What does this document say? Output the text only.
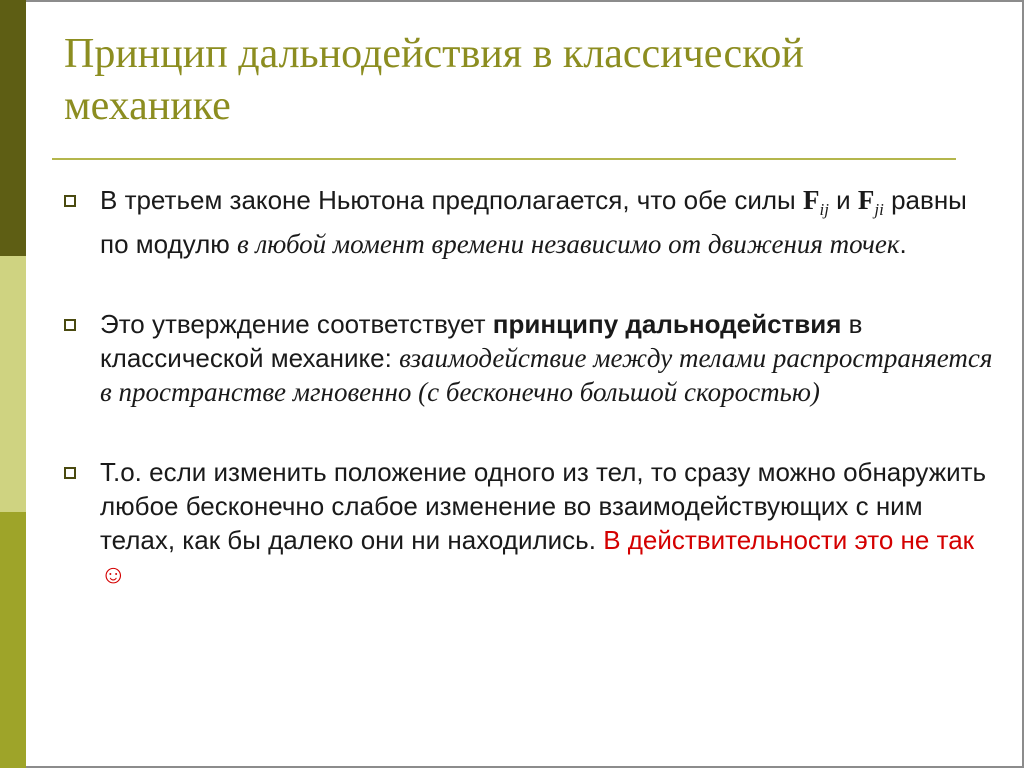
Принцип дальнодействия в классической механике
В третьем законе Ньютона предполагается, что обе силы $F_{ij}$ и $F_{ji}$ равны по модулю в любой момент времени независимо от движения точек.
Это утверждение соответствует принципу дальнодействия в классической механике: взаимодействие между телами распространяется в пространстве мгновенно (с бесконечно большой скоростью)
Т.о. если изменить положение одного из тел, то сразу можно обнаружить любое бесконечно слабое изменение во взаимодействующих с ним телах, как бы далеко они ни находились. В действительности это не так ☺
